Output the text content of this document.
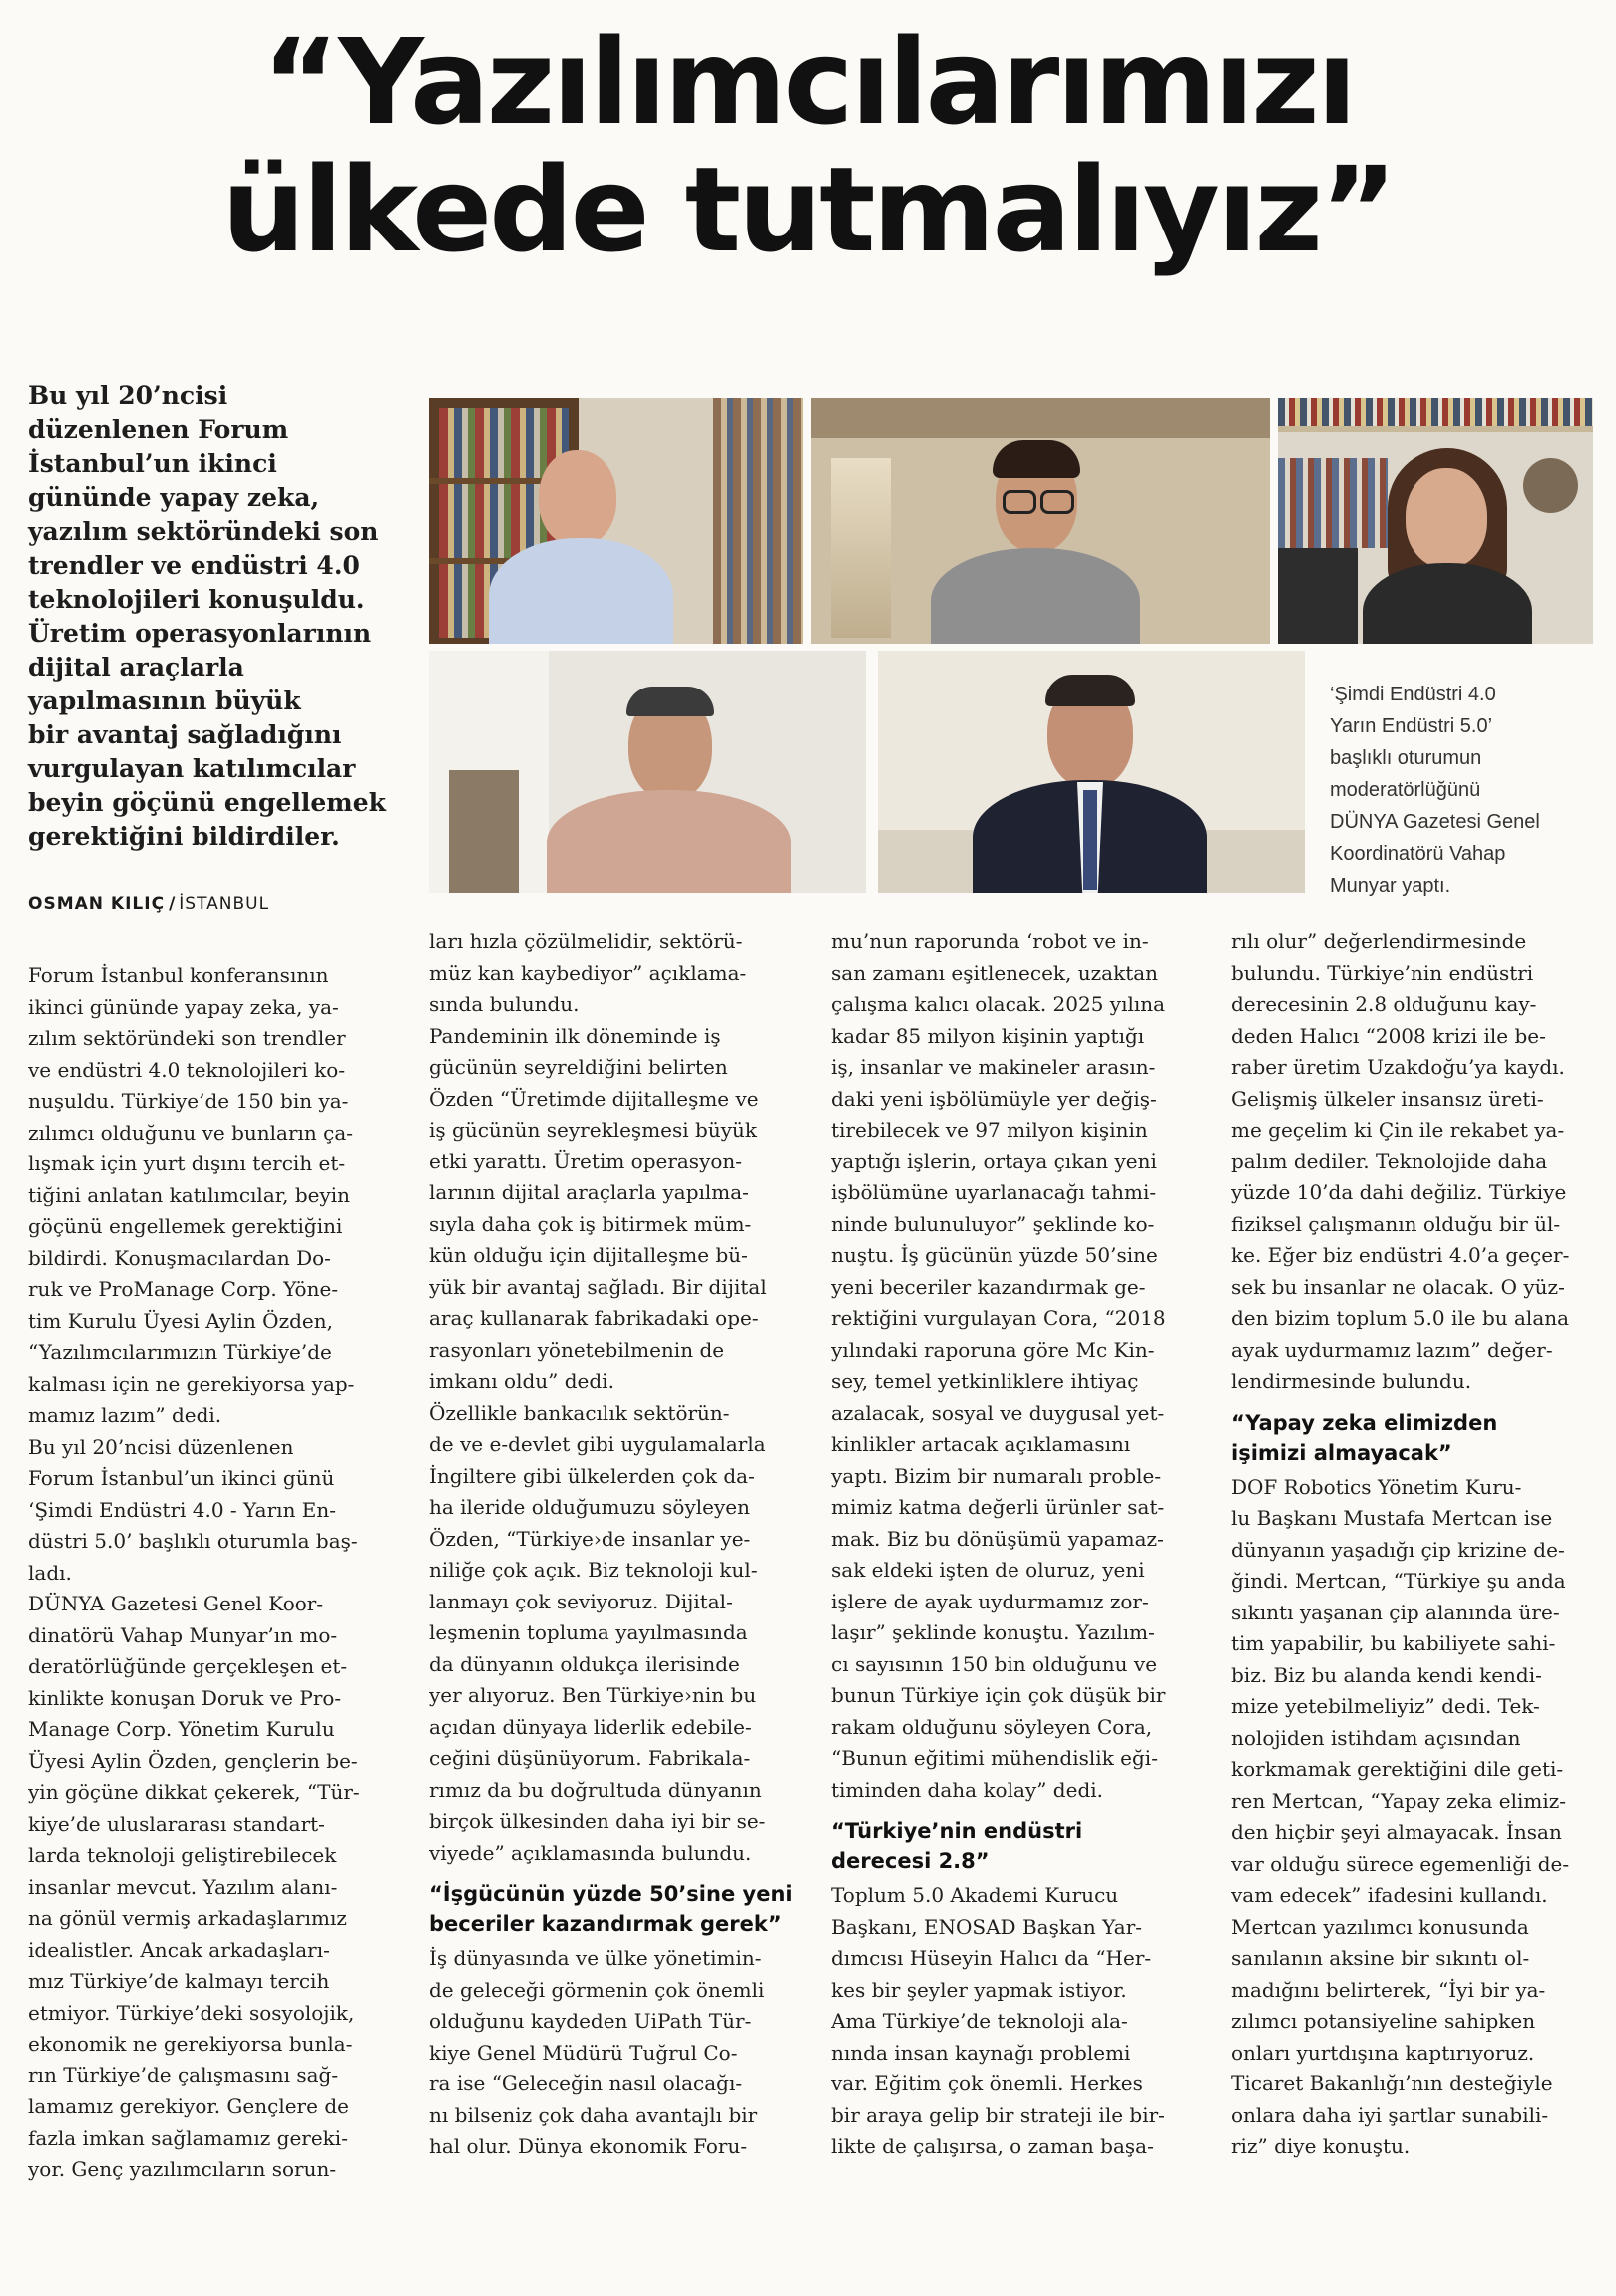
“Yazılımcılarımızı
ülkede tutmalıyız”
Bu yıl 20’ncisi
düzenlenen Forum
İstanbul’un ikinci
gününde yapay zeka,
yazılım sektöründeki son
trendler ve endüstri 4.0
teknolojileri konuşuldu.
Üretim operasyonlarının
dijital araçlarla
yapılmasının büyük
bir avantaj sağladığını
vurgulayan katılımcılar
beyin göçünü engellemek
gerektiğini bildirdiler.
OSMAN KILIÇ / İSTANBUL
‘Şimdi Endüstri 4.0
Yarın Endüstri 5.0’
başlıklı oturumun
moderatörlüğünü
DÜNYA Gazetesi Genel
Koordinatörü Vahap
Munyar yaptı.
Forum İstanbul konferansının
ikinci gününde yapay zeka, ya-
zılım sektöründeki son trendler
ve endüstri 4.0 teknolojileri ko-
nuşuldu. Türkiye’de 150 bin ya-
zılımcı olduğunu ve bunların ça-
lışmak için yurt dışını tercih et-
tiğini anlatan katılımcılar, beyin
göçünü engellemek gerektiğini
bildirdi. Konuşmacılardan Do-
ruk ve ProManage Corp. Yöne-
tim Kurulu Üyesi Aylin Özden,
“Yazılımcılarımızın Türkiye’de
kalması için ne gerekiyorsa yap-
mamız lazım” dedi.
Bu yıl 20’ncisi düzenlenen
Forum İstanbul’un ikinci günü
‘Şimdi Endüstri 4.0 - Yarın En-
düstri 5.0’ başlıklı oturumla baş-
ladı.
DÜNYA Gazetesi Genel Koor-
dinatörü Vahap Munyar’ın mo-
deratörlüğünde gerçekleşen et-
kinlikte konuşan Doruk ve Pro-
Manage Corp. Yönetim Kurulu
Üyesi Aylin Özden, gençlerin be-
yin göçüne dikkat çekerek, “Tür-
kiye’de uluslararası standart-
larda teknoloji geliştirebilecek
insanlar mevcut. Yazılım alanı-
na gönül vermiş arkadaşlarımız
idealistler. Ancak arkadaşları-
mız Türkiye’de kalmayı tercih
etmiyor. Türkiye’deki sosyolojik,
ekonomik ne gerekiyorsa bunla-
rın Türkiye’de çalışmasını sağ-
lamamız gerekiyor. Gençlere de
fazla imkan sağlamamız gereki-
yor. Genç yazılımcıların sorun-
ları hızla çözülmelidir, sektörü-
müz kan kaybediyor” açıklama-
sında bulundu.
Pandeminin ilk döneminde iş
gücünün seyreldiğini belirten
Özden “Üretimde dijitalleşme ve
iş gücünün seyrekleşmesi büyük
etki yarattı. Üretim operasyon-
larının dijital araçlarla yapılma-
sıyla daha çok iş bitirmek müm-
kün olduğu için dijitalleşme bü-
yük bir avantaj sağladı. Bir dijital
araç kullanarak fabrikadaki ope-
rasyonları yönetebilmenin de
imkanı oldu” dedi.
Özellikle bankacılık sektörün-
de ve e-devlet gibi uygulamalarla
İngiltere gibi ülkelerden çok da-
ha ileride olduğumuzu söyleyen
Özden, “Türkiye›de insanlar ye-
niliğe çok açık. Biz teknoloji kul-
lanmayı çok seviyoruz. Dijital-
leşmenin topluma yayılmasında
da dünyanın oldukça ilerisinde
yer alıyoruz. Ben Türkiye›nin bu
açıdan dünyaya liderlik edebile-
ceğini düşünüyorum. Fabrikala-
rımız da bu doğrultuda dünyanın
birçok ülkesinden daha iyi bir se-
viyede” açıklamasında bulundu.
“İşgücünün yüzde 50’sine yeni
beceriler kazandırmak gerek”
İş dünyasında ve ülke yönetimin-
de geleceği görmenin çok önemli
olduğunu kaydeden UiPath Tür-
kiye Genel Müdürü Tuğrul Co-
ra ise “Geleceğin nasıl olacağı-
nı bilseniz çok daha avantajlı bir
hal olur. Dünya ekonomik Foru-
mu’nun raporunda ‘robot ve in-
san zamanı eşitlenecek, uzaktan
çalışma kalıcı olacak. 2025 yılına
kadar 85 milyon kişinin yaptığı
iş, insanlar ve makineler arasın-
daki yeni işbölümüyle yer değiş-
tirebilecek ve 97 milyon kişinin
yaptığı işlerin, ortaya çıkan yeni
işbölümüne uyarlanacağı tahmi-
ninde bulunuluyor” şeklinde ko-
nuştu. İş gücünün yüzde 50’sine
yeni beceriler kazandırmak ge-
rektiğini vurgulayan Cora, “2018
yılındaki raporuna göre Mc Kin-
sey, temel yetkinliklere ihtiyaç
azalacak, sosyal ve duygusal yet-
kinlikler artacak açıklamasını
yaptı. Bizim bir numaralı proble-
mimiz katma değerli ürünler sat-
mak. Biz bu dönüşümü yapamaz-
sak eldeki işten de oluruz, yeni
işlere de ayak uydurmamız zor-
laşır” şeklinde konuştu. Yazılım-
cı sayısının 150 bin olduğunu ve
bunun Türkiye için çok düşük bir
rakam olduğunu söyleyen Cora,
“Bunun eğitimi mühendislik eği-
timinden daha kolay” dedi.
“Türkiye’nin endüstri
derecesi 2.8”
Toplum 5.0 Akademi Kurucu
Başkanı, ENOSAD Başkan Yar-
dımcısı Hüseyin Halıcı da “Her-
kes bir şeyler yapmak istiyor.
Ama Türkiye’de teknoloji ala-
nında insan kaynağı problemi
var. Eğitim çok önemli. Herkes
bir araya gelip bir strateji ile bir-
likte de çalışırsa, o zaman başa-
rılı olur” değerlendirmesinde
bulundu. Türkiye’nin endüstri
derecesinin 2.8 olduğunu kay-
deden Halıcı “2008 krizi ile be-
raber üretim Uzakdoğu’ya kaydı.
Gelişmiş ülkeler insansız üreti-
me geçelim ki Çin ile rekabet ya-
palım dediler. Teknolojide daha
yüzde 10’da dahi değiliz. Türkiye
fiziksel çalışmanın olduğu bir ül-
ke. Eğer biz endüstri 4.0’a geçer-
sek bu insanlar ne olacak. O yüz-
den bizim toplum 5.0 ile bu alana
ayak uydurmamız lazım” değer-
lendirmesinde bulundu.
“Yapay zeka elimizden
işimizi almayacak”
DOF Robotics Yönetim Kuru-
lu Başkanı Mustafa Mertcan ise
dünyanın yaşadığı çip krizine de-
ğindi. Mertcan, “Türkiye şu anda
sıkıntı yaşanan çip alanında üre-
tim yapabilir, bu kabiliyete sahi-
biz. Biz bu alanda kendi kendi-
mize yetebilmeliyiz” dedi. Tek-
nolojiden istihdam açısından
korkmamak gerektiğini dile geti-
ren Mertcan, “Yapay zeka elimiz-
den hiçbir şeyi almayacak. İnsan
var olduğu sürece egemenliği de-
vam edecek” ifadesini kullandı.
Mertcan yazılımcı konusunda
sanılanın aksine bir sıkıntı ol-
madığını belirterek, “İyi bir ya-
zılımcı potansiyeline sahipken
onları yurtdışına kaptırıyoruz.
Ticaret Bakanlığı’nın desteğiyle
onlara daha iyi şartlar sunabili-
riz” diye konuştu.
